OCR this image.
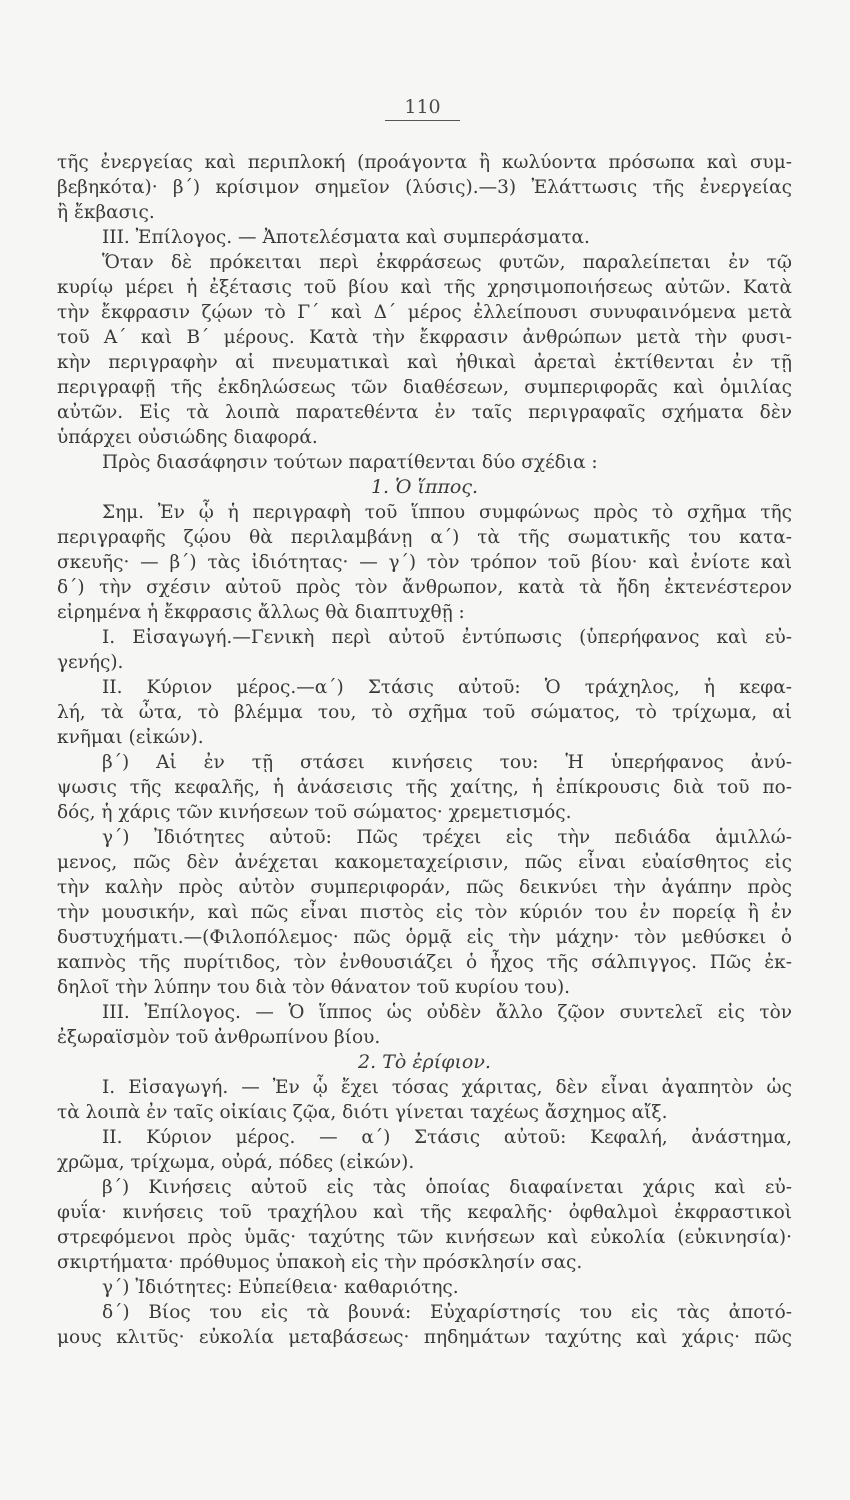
110
τῆς ἐνεργείας καὶ περιπλοκή (προάγοντα ἢ κωλύοντα πρόσωπα καὶ συμ-
βεβηκότα)· β΄) κρίσιμον σημεῖον (λύσις).—3) Ἐλάττωσις τῆς ἐνεργείας
ἢ ἔκβασις.
III. Ἐπίλογος. — Ἀποτελέσματα καὶ συμπεράσματα.
Ὅταν δὲ πρόκειται περὶ ἐκφράσεως φυτῶν, παραλείπεται ἐν τῷ
κυρίῳ μέρει ἡ ἐξέτασις τοῦ βίου καὶ τῆς χρησιμοποιήσεως αὐτῶν. Κατὰ
τὴν ἔκφρασιν ζῴων τὸ Γ΄ καὶ Δ΄ μέρος ἐλλείπουσι συνυφαινόμενα μετὰ
τοῦ Α΄ καὶ Β΄ μέρους. Κατὰ τὴν ἔκφρασιν ἀνθρώπων μετὰ τὴν φυσι-
κὴν περιγραφὴν αἱ πνευματικαὶ καὶ ἠθικαὶ ἀρεταὶ ἐκτίθενται ἐν τῇ
περιγραφῇ τῆς ἐκδηλώσεως τῶν διαθέσεων, συμπεριφορᾶς καὶ ὁμιλίας
αὐτῶν. Εἰς τὰ λοιπὰ παρατεθέντα ἐν ταῖς περιγραφαῖς σχήματα δὲν
ὑπάρχει οὐσιώδης διαφορά.
Πρὸς διασάφησιν τούτων παρατίθενται δύο σχέδια :
1. Ὁ ἵππος.
Σημ. Ἐν ᾧ ἡ περιγραφὴ τοῦ ἵππου συμφώνως πρὸς τὸ σχῆμα τῆς
περιγραφῆς ζῴου θὰ περιλαμβάνῃ α΄) τὰ τῆς σωματικῆς του κατα-
σκευῆς· — β΄) τὰς ἰδιότητας· — γ΄) τὸν τρόπον τοῦ βίου· καὶ ἐνίοτε καὶ
δ΄) τὴν σχέσιν αὐτοῦ πρὸς τὸν ἄνθρωπον, κατὰ τὰ ἤδη ἐκτενέστερον
εἰρημένα ἡ ἔκφρασις ἄλλως θὰ διαπτυχθῇ :
I. Εἰσαγωγή.—Γενικὴ περὶ αὐτοῦ ἐντύπωσις (ὑπερήφανος καὶ εὐ-
γενής).
II. Κύριον μέρος.—α΄) Στάσις αὐτοῦ: Ὁ τράχηλος, ἡ κεφα-
λή, τὰ ὦτα, τὸ βλέμμα του, τὸ σχῆμα τοῦ σώματος, τὸ τρίχωμα, αἱ
κνῆμαι (εἰκών).
β΄) Αἱ ἐν τῇ στάσει κινήσεις του: Ἡ ὑπερήφανος ἀνύ-
ψωσις τῆς κεφαλῆς, ἡ ἀνάσεισις τῆς χαίτης, ἡ ἐπίκρουσις διὰ τοῦ πο-
δός, ἡ χάρις τῶν κινήσεων τοῦ σώματος· χρεμετισμός.
γ΄) Ἰδιότητες αὐτοῦ: Πῶς τρέχει εἰς τὴν πεδιάδα ἁμιλλώ-
μενος, πῶς δὲν ἀνέχεται κακομεταχείρισιν, πῶς εἶναι εὐαίσθητος εἰς
τὴν καλὴν πρὸς αὐτὸν συμπεριφοράν, πῶς δεικνύει τὴν ἀγάπην πρὸς
τὴν μουσικήν, καὶ πῶς εἶναι πιστὸς εἰς τὸν κύριόν του ἐν πορείᾳ ἢ ἐν
δυστυχήματι.—(Φιλοπόλεμος· πῶς ὁρμᾷ εἰς τὴν μάχην· τὸν μεθύσκει ὁ
καπνὸς τῆς πυρίτιδος, τὸν ἐνθουσιάζει ὁ ἦχος τῆς σάλπιγγος. Πῶς ἐκ-
δηλοῖ τὴν λύπην του διὰ τὸν θάνατον τοῦ κυρίου του).
III. Ἐπίλογος. — Ὁ ἵππος ὡς οὐδὲν ἄλλο ζῷον συντελεῖ εἰς τὸν
ἐξωραϊσμὸν τοῦ ἀνθρωπίνου βίου.
2. Τὸ ἐρίφιον.
I. Εἰσαγωγή. — Ἐν ᾧ ἔχει τόσας χάριτας, δὲν εἶναι ἀγαπητὸν ὡς
τὰ λοιπὰ ἐν ταῖς οἰκίαις ζῷα, διότι γίνεται ταχέως ἄσχημος αἴξ.
II. Κύριον μέρος. — α΄) Στάσις αὐτοῦ: Κεφαλή, ἀνάστημα,
χρῶμα, τρίχωμα, οὐρά, πόδες (εἰκών).
β΄) Κινήσεις αὐτοῦ εἰς τὰς ὁποίας διαφαίνεται χάρις καὶ εὐ-
φυΐα· κινήσεις τοῦ τραχήλου καὶ τῆς κεφαλῆς· ὀφθαλμοὶ ἐκφραστικοὶ
στρεφόμενοι πρὸς ὑμᾶς· ταχύτης τῶν κινήσεων καὶ εὐκολία (εὐκινησία)·
σκιρτήματα· πρόθυμος ὑπακοὴ εἰς τὴν πρόσκλησίν σας.
γ΄) Ἰδιότητες: Εὐπείθεια· καθαριότης.
δ΄) Βίος του εἰς τὰ βουνά: Εὐχαρίστησίς του εἰς τὰς ἀποτό-
μους κλιτῦς· εὐκολία μεταβάσεως· πηδημάτων ταχύτης καὶ χάρις· πῶς
